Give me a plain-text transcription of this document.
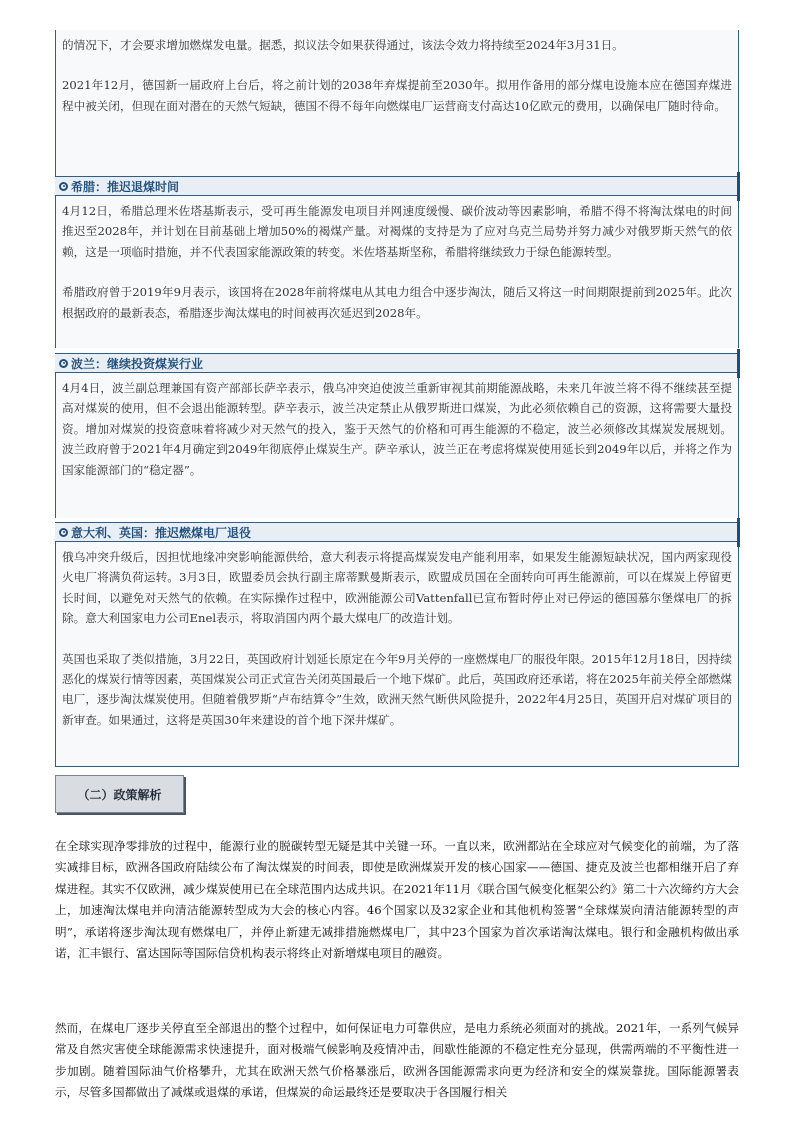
的情况下，才会要求增加燃煤发电量。据悉，拟议法令如果获得通过，该法令效力将持续至2024年3月31日。

2021年12月，德国新一届政府上台后，将之前计划的2038年弃煤提前至2030年。拟用作备用的部分煤电设施本应在德国弃煤进程中被关闭，但现在面对潜在的天然气短缺，德国不得不每年向燃煤电厂运营商支付高达10亿欧元的费用，以确保电厂随时待命。

希腊：推迟退煤时间

4月12日，希腊总理米佐塔基斯表示，受可再生能源发电项目并网速度缓慢、碳价波动等因素影响，希腊不得不将淘汰煤电的时间推迟至2028年，并计划在目前基础上增加50%的褐煤产量。对褐煤的支持是为了应对乌克兰局势并努力减少对俄罗斯天然气的依赖，这是一项临时措施，并不代表国家能源政策的转变。米佐塔基斯坚称，希腊将继续致力于绿色能源转型。

希腊政府曾于2019年9月表示，该国将在2028年前将煤电从其电力组合中逐步淘汰，随后又将这一时间期限提前到2025年。此次根据政府的最新表态，希腊逐步淘汰煤电的时间被再次延迟到2028年。

波兰：继续投资煤炭行业

4月4日，波兰副总理兼国有资产部部长萨辛表示，俄乌冲突迫使波兰重新审视其前期能源战略，未来几年波兰将不得不继续甚至提高对煤炭的使用，但不会退出能源转型。萨辛表示，波兰决定禁止从俄罗斯进口煤炭，为此必须依赖自己的资源，这将需要大量投资。增加对煤炭的投资意味着将减少对天然气的投入，鉴于天然气的价格和可再生能源的不稳定，波兰必须修改其煤炭发展规划。波兰政府曾于2021年4月确定到2049年彻底停止煤炭生产。萨辛承认，波兰正在考虑将煤炭使用延长到2049年以后，并将之作为国家能源部门的“稳定器”。

意大利、英国：推迟燃煤电厂退役

俄乌冲突升级后，因担忧地缘冲突影响能源供给，意大利表示将提高煤炭发电产能利用率，如果发生能源短缺状况，国内两家现役火电厂将满负荷运转。3月3日，欧盟委员会执行副主席蒂默曼斯表示，欧盟成员国在全面转向可再生能源前，可以在煤炭上停留更长时间，以避免对天然气的依赖。在实际操作过程中，欧洲能源公司Vattenfall已宣布暂时停止对已停运的德国慕尔堡煤电厂的拆除。意大利国家电力公司Enel表示，将取消国内两个最大煤电厂的改造计划。

英国也采取了类似措施，3月22日，英国政府计划延长原定在今年9月关停的一座燃煤电厂的服役年限。2015年12月18日，因持续恶化的煤炭行情等因素，英国煤炭公司正式宣告关闭英国最后一个地下煤矿。此后，英国政府还承诺，将在2025年前关停全部燃煤电厂，逐步淘汰煤炭使用。但随着俄罗斯“卢布结算令”生效，欧洲天然气断供风险提升，2022年4月25日，英国开启对煤矿项目的新审查。如果通过，这将是英国30年来建设的首个地下深井煤矿。

（二）政策解析

在全球实现净零排放的过程中，能源行业的脱碳转型无疑是其中关键一环。一直以来，欧洲都站在全球应对气候变化的前端，为了落实减排目标，欧洲各国政府陆续公布了淘汰煤炭的时间表，即使是欧洲煤炭开发的核心国家——德国、捷克及波兰也都相继开启了弃煤进程。其实不仅欧洲，减少煤炭使用已在全球范围内达成共识。在2021年11月《联合国气候变化框架公约》第二十六次缔约方大会上，加速淘汰煤电并向清洁能源转型成为大会的核心内容。46个国家以及32家企业和其他机构签署“全球煤炭向清洁能源转型的声明”，承诺将逐步淘汰现有燃煤电厂，并停止新建无减排措施燃煤电厂，其中23个国家为首次承诺淘汰煤电。银行和金融机构做出承诺，汇丰银行、富达国际等国际信贷机构表示将终止对新增煤电项目的融资。

然而，在煤电厂逐步关停直至全部退出的整个过程中，如何保证电力可靠供应，是电力系统必须面对的挑战。2021年，一系列气候异常及自然灾害使全球能源需求快速提升，面对极端气候影响及疫情冲击，间歇性能源的不稳定性充分显现，供需两端的不平衡性进一步加剧。随着国际油气价格攀升，尤其在欧洲天然气价格暴涨后，欧洲各国能源需求向更为经济和安全的煤炭靠拢。国际能源署表示，尽管多国都做出了减煤或退煤的承诺，但煤炭的命运最终还是要取决于各国履行相关
